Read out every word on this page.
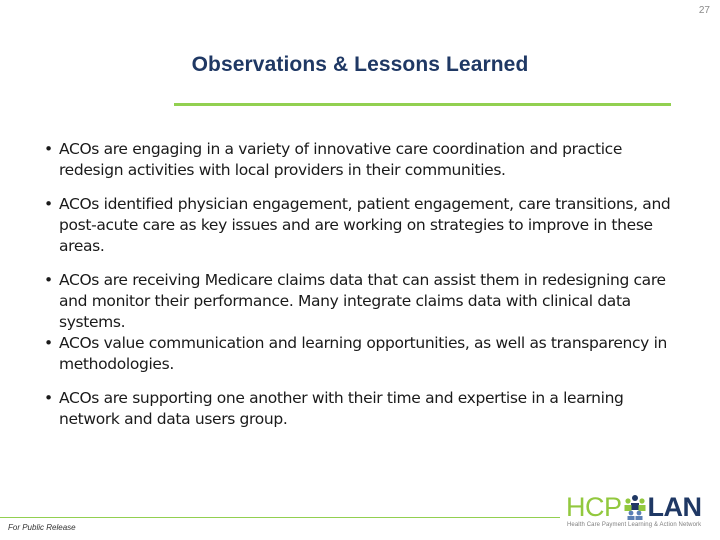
27
Observations & Lessons Learned
• ACOs are engaging in a variety of innovative care coordination and practice redesign activities with local providers in their communities.
• ACOs identified physician engagement, patient engagement, care transitions, and post-acute care as key issues and are working on strategies to improve in these areas.
• ACOs are receiving Medicare claims data that can assist them in redesigning care and monitor their performance. Many integrate claims data with clinical data systems.
• ACOs value communication and learning opportunities, as well as transparency in methodologies.
• ACOs are supporting one another with their time and expertise in a learning network and data users group.
For Public Release
HCP LAN
Health Care Payment Learning & Action Network
